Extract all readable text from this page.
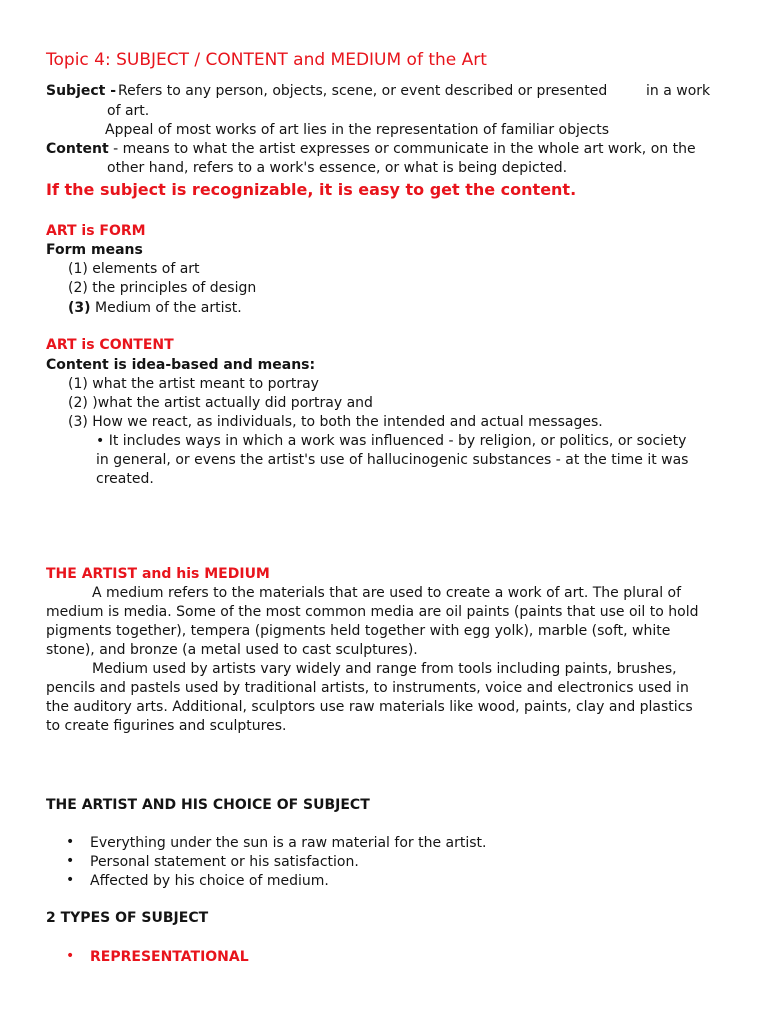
Topic 4: SUBJECT / CONTENT and MEDIUM of the Art
Subject - Refers to any person, objects, scene, or event described or presented	in a work
of art.
Appeal of most works of art lies in the representation of familiar objects
Content - means to what the artist expresses or communicate in the whole art work, on the
other hand, refers to a work's essence, or what is being depicted.
If the subject is recognizable, it is easy to get the content.
ART is FORM
Form means
(1) elements of art
(2) the principles of design
(3) Medium of the artist.
ART is CONTENT
Content is idea-based and means:
(1) what the artist meant to portray
(2) )what the artist actually did portray and
(3) How we react, as individuals, to both the intended and actual messages.
• It includes ways in which a work was influenced - by religion, or politics, or society
in general, or evens the artist's use of hallucinogenic substances - at the time it was
created.
THE ARTIST and his MEDIUM
A medium refers to the materials that are used to create a work of art. The plural of
medium is media. Some of the most common media are oil paints (paints that use oil to hold
pigments together), tempera (pigments held together with egg yolk), marble (soft, white
stone), and bronze (a metal used to cast sculptures).
Medium used by artists vary widely and range from tools including paints, brushes,
pencils and pastels used by traditional artists, to instruments, voice and electronics used in
the auditory arts. Additional, sculptors use raw materials like wood, paints, clay and plastics
to create figurines and sculptures.
THE ARTIST AND HIS CHOICE OF SUBJECT
• Everything under the sun is a raw material for the artist.
• Personal statement or his satisfaction.
• Affected by his choice of medium.
2 TYPES OF SUBJECT
• REPRESENTATIONAL
